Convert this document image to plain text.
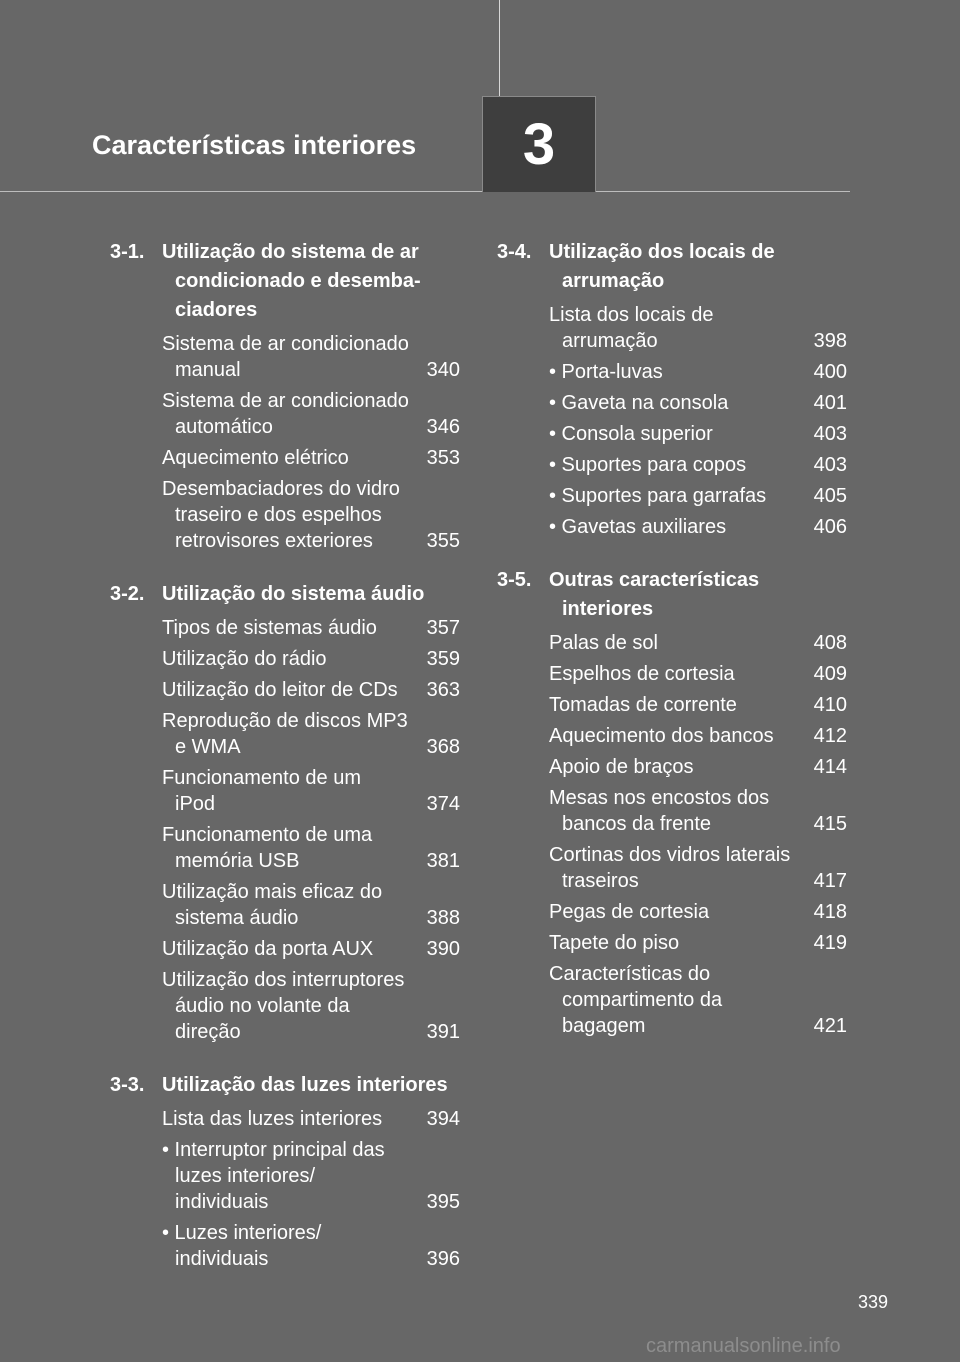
Características interiores 3
3-1. Utilização do sistema de ar condicionado e desemba-ciadores
. . .
Sistema de ar condicionado manual	340
. . .
Sistema de ar condicionado automático	346
. . .
Aquecimento elétrico	353
. . .
Desembaciadores do vidro traseiro e dos espelhos retrovisores exteriores	355
3-2. Utilização do sistema áudio
. . .
Tipos de sistemas áudio 357
. . .
Utilização do rádio	359
. . .
Utilização do leitor de CDs 363
. . .
Reprodução de discos MP3 e WMA	368
. . .
Funcionamento de um iPod	374
. . .
Funcionamento de uma memória USB	381
. . .
Utilização mais eficaz do sistema áudio	388
. . .
Utilização da porta AUX	390
. . .
Utilização dos interruptores áudio no volante da direção	391
3-3. Utilização das luzes interiores
. . .
Lista das luzes interiores 394
. . .
• Interruptor principal das luzes interiores/ individuais	395
. . .
• Luzes interiores/ individuais	396
3-4. Utilização dos locais de arrumação
. . .
Lista dos locais de arrumação	398
. . .
• Porta-luvas	400
. . .
• Gaveta na consola	401
. . .
• Consola superior	403
. . .
• Suportes para copos	403
. . .
• Suportes para garrafas 405
. . .
• Gavetas auxiliares	406
3-5. Outras características interiores
. . .
Palas de sol	408
. . .
Espelhos de cortesia	409
. . .
Tomadas de corrente	410
. . .
Aquecimento dos bancos 412
. . .
Apoio de braços	414
. . .
Mesas nos encostos dos bancos da frente	415
. . .
Cortinas dos vidros laterais traseiros	417
. . .
Pegas de cortesia	418
. . .
Tapete do piso	419
. . .
Características do compartimento da bagagem	421
339
carmanualsonline.info
